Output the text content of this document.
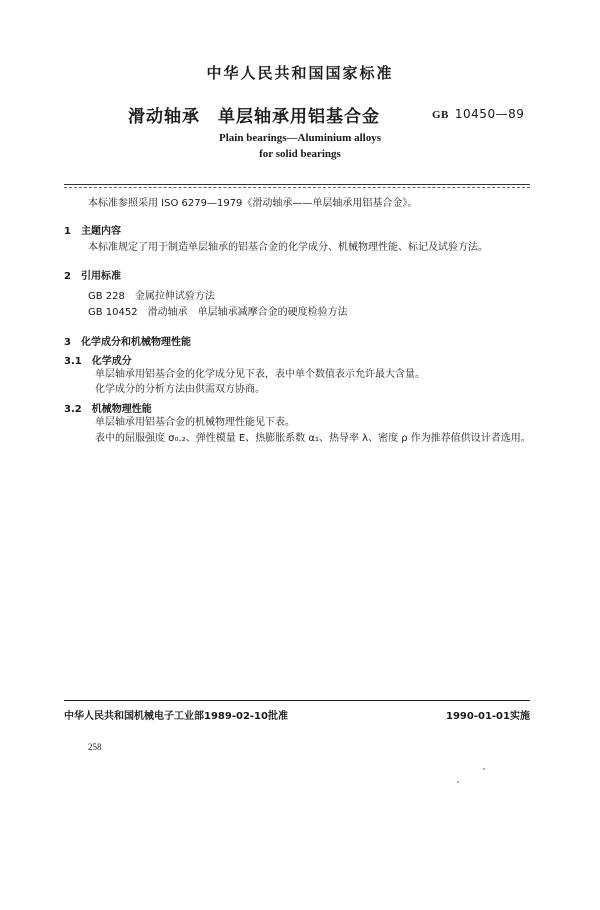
中华人民共和国国家标准
滑动轴承　单层轴承用铝基合金	GB 10450—89
Plain bearings—Aluminium alloys
for solid bearings
本标准参照采用 ISO 6279—1979《滑动轴承——单层轴承用铝基合金》。
1　主题内容
本标准规定了用于制造单层轴承的铝基合金的化学成分、机械物理性能、标记及试验方法。
2　引用标准
GB 228　金属拉伸试验方法
GB 10452　滑动轴承　单层轴承减摩合金的硬度检验方法
3　化学成分和机械物理性能
3.1　化学成分
单层轴承用铝基合金的化学成分见下表，表中单个数值表示允许最大含量。
化学成分的分析方法由供需双方协商。
3.2　机械物理性能
单层轴承用铝基合金的机械物理性能见下表。
表中的屈服强度 σ₀.₂、弹性模量 E、热膨胀系数 α₁、热导率 λ、密度 ρ 作为推荐值供设计者选用。
中华人民共和国机械电子工业部1989-02-10批准	1990-01-01实施
258
